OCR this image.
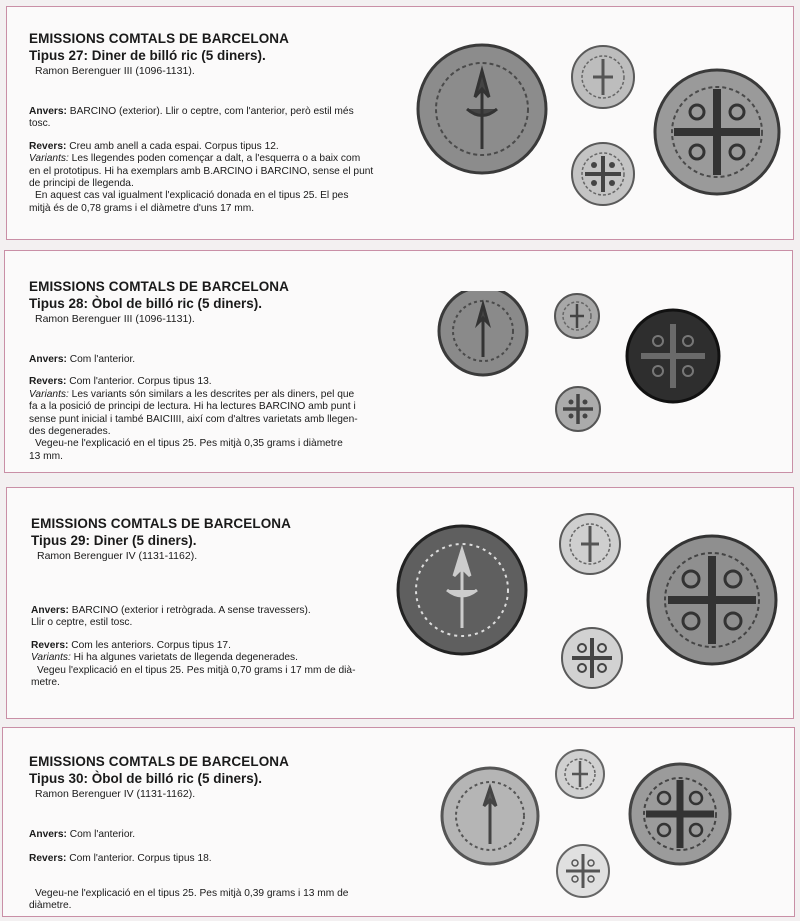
EMISSIONS COMTALS DE BARCELONA
Tipus 27: Diner de billó ric (5 diners).
Ramon Berenguer III (1096-1131).
Anvers: BARCINO (exterior). Llir o ceptre, com l'anterior, però estil més
tosc.
Revers: Creu amb anell a cada espai. Corpus tipus 12.
Variants: Les llegendes poden començar a dalt, a l'esquerra o a baix com
en el prototipus. Hi ha exemplars amb B.ARCINO i BARCINO, sense el punt
de principi de llegenda.
En aquest cas val igualment l'explicació donada en el tipus 25. El pes
mitjà és de 0,78 grams i el diàmetre d'uns 17 mm.
EMISSIONS COMTALS DE BARCELONA
Tipus 28: Òbol de billó ric (5 diners).
Ramon Berenguer III (1096-1131).
Anvers: Com l'anterior.
Revers: Com l'anterior. Corpus tipus 13.
Variants: Les variants són similars a les descrites per als diners, pel que
fa a la posició de principi de lectura. Hi ha lectures BARCINO amb punt i
sense punt inicial i també BAICIIII, així com d'altres varietats amb llegen-
des degenerades.
Vegeu-ne l'explicació en el tipus 25. Pes mitjà 0,35 grams i diàmetre
13 mm.
EMISSIONS COMTALS DE BARCELONA
Tipus 29: Diner (5 diners).
Ramon Berenguer IV (1131-1162).
Anvers: BARCINO (exterior i retrògrada. A sense travessers).
Llir o ceptre, estil tosc.
Revers: Com les anteriors. Corpus tipus 17.
Variants: Hi ha algunes varietats de llegenda degenerades.
Vegeu l'explicació en el tipus 25. Pes mitjà 0,70 grams i 17 mm de dià-
metre.
EMISSIONS COMTALS DE BARCELONA
Tipus 30: Òbol de billó ric (5 diners).
Ramon Berenguer IV (1131-1162).
Anvers: Com l'anterior.
Revers: Com l'anterior. Corpus tipus 18.
Vegeu-ne l'explicació en el tipus 25. Pes mitjà 0,39 grams i 13 mm de
diàmetre.
